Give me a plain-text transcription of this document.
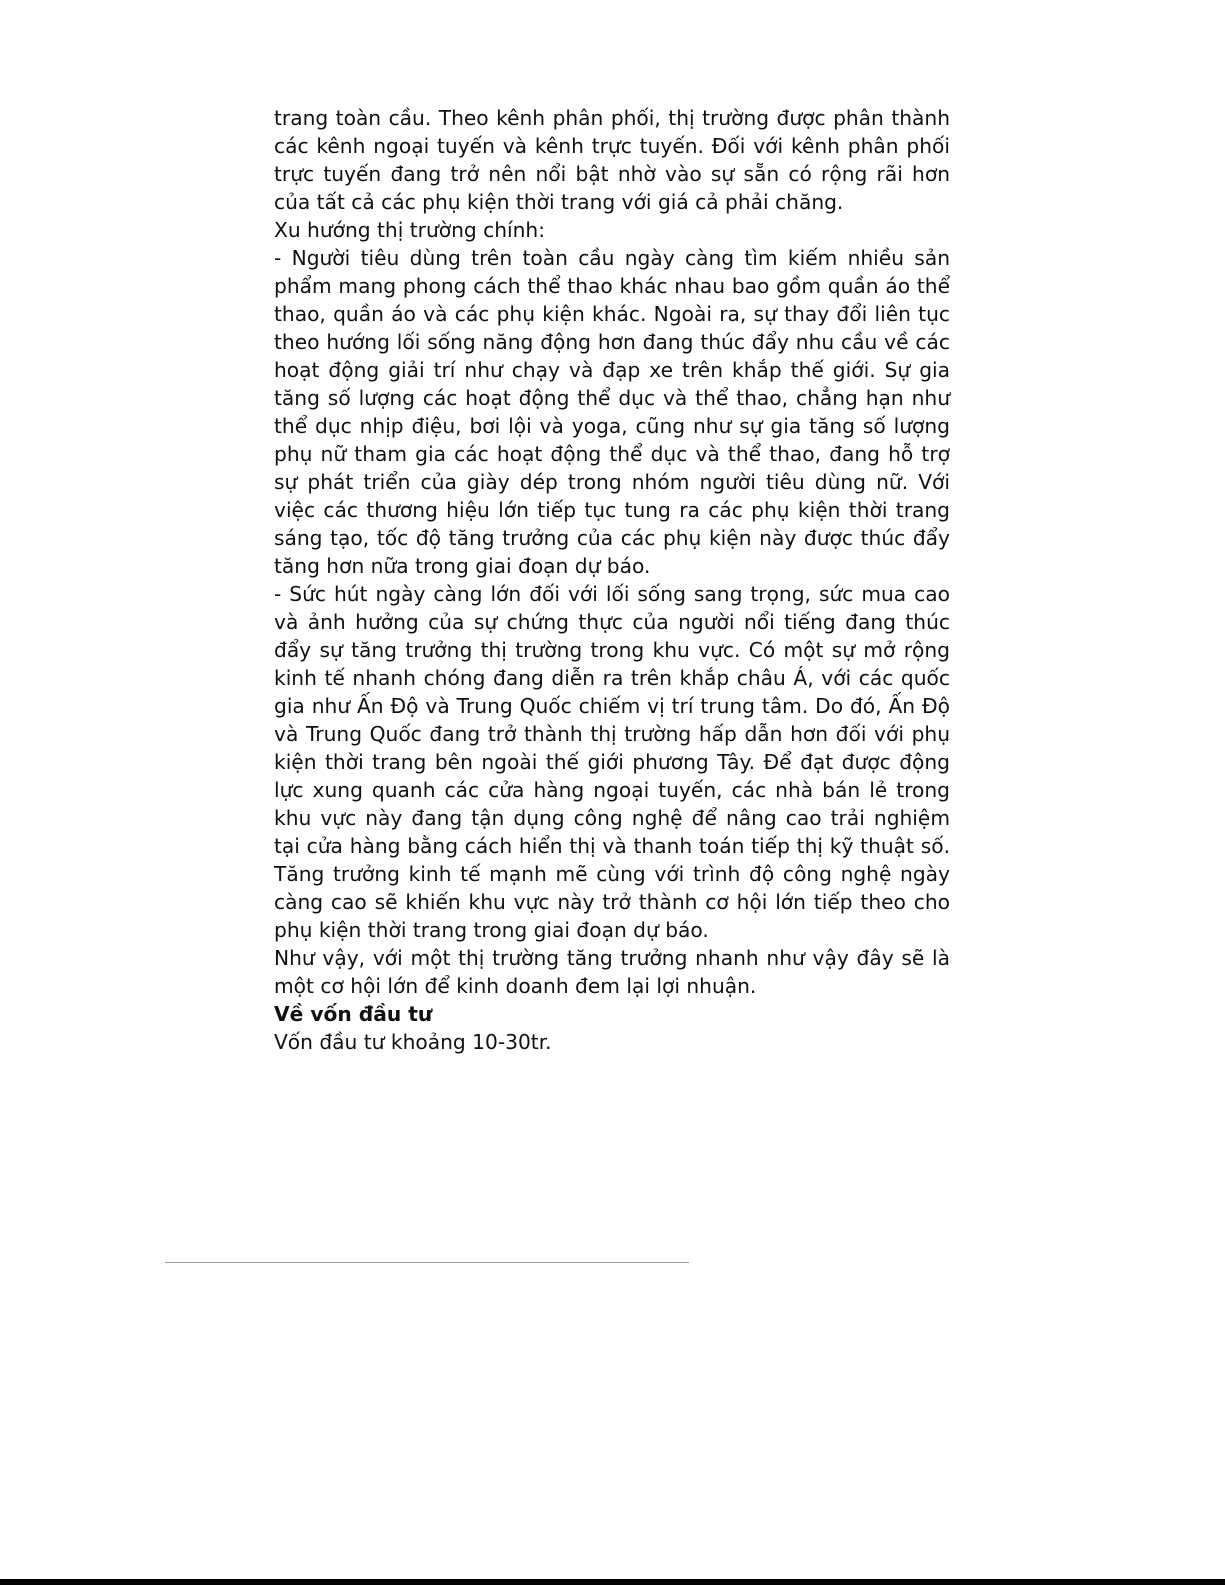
trang toàn cầu. Theo kênh phân phối, thị trường được phân thành các kênh ngoại tuyến và kênh trực tuyến. Đối với kênh phân phối trực tuyến đang trở nên nổi bật nhờ vào sự sẵn có rộng rãi hơn của tất cả các phụ kiện thời trang với giá cả phải chăng.

Xu hướng thị trường chính:

- Người tiêu dùng trên toàn cầu ngày càng tìm kiếm nhiều sản phẩm mang phong cách thể thao khác nhau bao gồm quần áo thể thao, quần áo và các phụ kiện khác. Ngoài ra, sự thay đổi liên tục theo hướng lối sống năng động hơn đang thúc đẩy nhu cầu về các hoạt động giải trí như chạy và đạp xe trên khắp thế giới. Sự gia tăng số lượng các hoạt động thể dục và thể thao, chẳng hạn như thể dục nhịp điệu, bơi lội và yoga, cũng như sự gia tăng số lượng phụ nữ tham gia các hoạt động thể dục và thể thao, đang hỗ trợ sự phát triển của giày dép trong nhóm người tiêu dùng nữ. Với việc các thương hiệu lớn tiếp tục tung ra các phụ kiện thời trang sáng tạo, tốc độ tăng trưởng của các phụ kiện này được thúc đẩy tăng hơn nữa trong giai đoạn dự báo.

- Sức hút ngày càng lớn đối với lối sống sang trọng, sức mua cao và ảnh hưởng của sự chứng thực của người nổi tiếng đang thúc đẩy sự tăng trưởng thị trường trong khu vực. Có một sự mở rộng kinh tế nhanh chóng đang diễn ra trên khắp châu Á, với các quốc gia như Ấn Độ và Trung Quốc chiếm vị trí trung tâm. Do đó, Ấn Độ và Trung Quốc đang trở thành thị trường hấp dẫn hơn đối với phụ kiện thời trang bên ngoài thế giới phương Tây. Để đạt được động lực xung quanh các cửa hàng ngoại tuyến, các nhà bán lẻ trong khu vực này đang tận dụng công nghệ để nâng cao trải nghiệm tại cửa hàng bằng cách hiển thị và thanh toán tiếp thị kỹ thuật số. Tăng trưởng kinh tế mạnh mẽ cùng với trình độ công nghệ ngày càng cao sẽ khiến khu vực này trở thành cơ hội lớn tiếp theo cho phụ kiện thời trang trong giai đoạn dự báo.

Như vậy, với một thị trường tăng trưởng nhanh như vậy đây sẽ là một cơ hội lớn để kinh doanh đem lại lợi nhuận.

Về vốn đầu tư

Vốn đầu tư khoảng 10-30tr.
